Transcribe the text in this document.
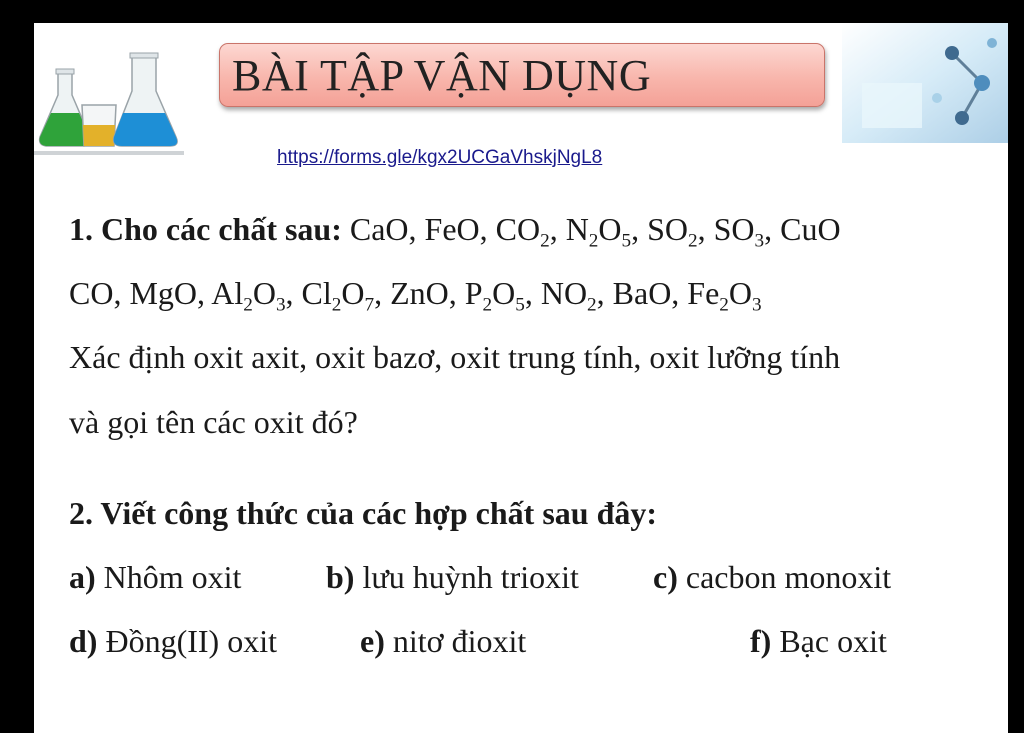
BÀI TẬP VẬN DỤNG
https://forms.gle/kgx2UCGaVhskjNgL8
1. Cho các chất sau: CaO, FeO, $CO_2$, $N_2O_5$, $SO_2$, $SO_3$, CuO
CO, MgO, $Al_2O_3$, $Cl_2O_7$, ZnO, $P_2O_5$, $NO_2$, BaO, $Fe_2O_3$
Xác định oxit axit, oxit bazơ, oxit trung tính, oxit lưỡng tính
và gọi tên các oxit đó?
2. Viết công thức của các hợp chất sau đây:
a) Nhôm oxit	b) lưu huỳnh trioxit c) cacbon monoxit
d) Đồng(II) oxit	e) nitơ đioxit	f) Bạc oxit
